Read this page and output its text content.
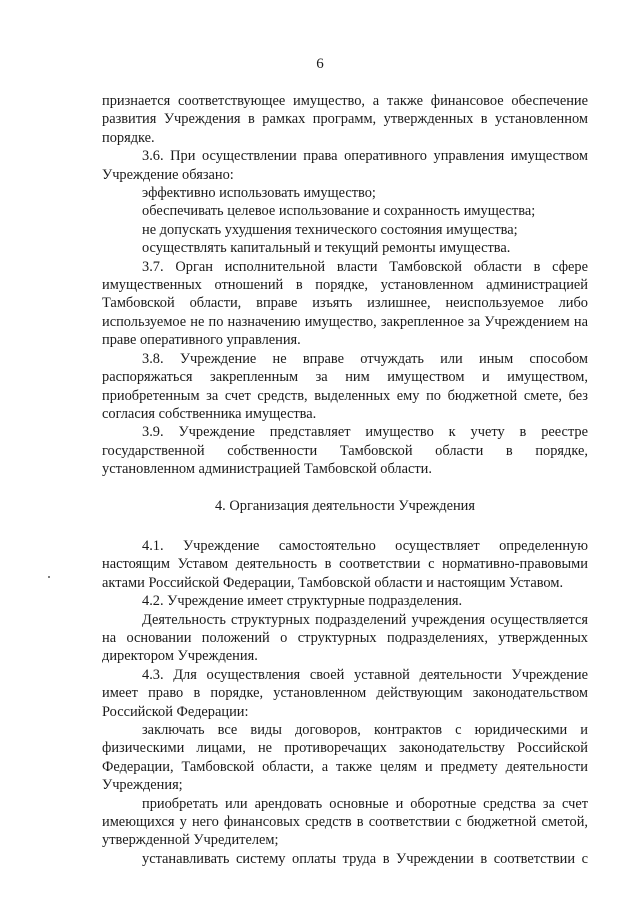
6

признается соответствующее имущество, а также финансовое обеспечение развития Учреждения в рамках программ, утвержденных в установленном порядке.

3.6. При осуществлении права оперативного управления имуществом Учреждение обязано:

эффективно использовать имущество;

обеспечивать целевое использование и сохранность имущества;

не допускать ухудшения технического состояния имущества;

осуществлять капитальный и текущий ремонты имущества.

3.7. Орган исполнительной власти Тамбовской области в сфере имущественных отношений в порядке, установленном администрацией Тамбовской области, вправе изъять излишнее, неиспользуемое либо используемое не по назначению имущество, закрепленное за Учреждением на праве оперативного управления.

3.8. Учреждение не вправе отчуждать или иным способом распоряжаться закрепленным за ним имуществом и имуществом, приобретенным за счет средств, выделенных ему по бюджетной смете, без согласия собственника имущества.

3.9. Учреждение представляет имущество к учету в реестре государственной собственности Тамбовской области в порядке, установленном администрацией Тамбовской области.

4. Организация деятельности Учреждения

4.1. Учреждение самостоятельно осуществляет определенную настоящим Уставом деятельность в соответствии с нормативно-правовыми актами Российской Федерации, Тамбовской области и настоящим Уставом.

4.2. Учреждение имеет структурные подразделения.

Деятельность структурных подразделений учреждения осуществляется на основании положений о структурных подразделениях, утвержденных директором Учреждения.

4.3. Для осуществления своей уставной деятельности Учреждение имеет право в порядке, установленном действующим законодательством Российской Федерации:

заключать все виды договоров, контрактов с юридическими и физическими лицами, не противоречащих законодательству Российской Федерации, Тамбовской области, а также целям и предмету деятельности Учреждения;

приобретать или арендовать основные и оборотные средства за счет имеющихся у него финансовых средств в соответствии с бюджетной сметой, утвержденной Учредителем;

устанавливать систему оплаты труда в Учреждении в соответствии с
